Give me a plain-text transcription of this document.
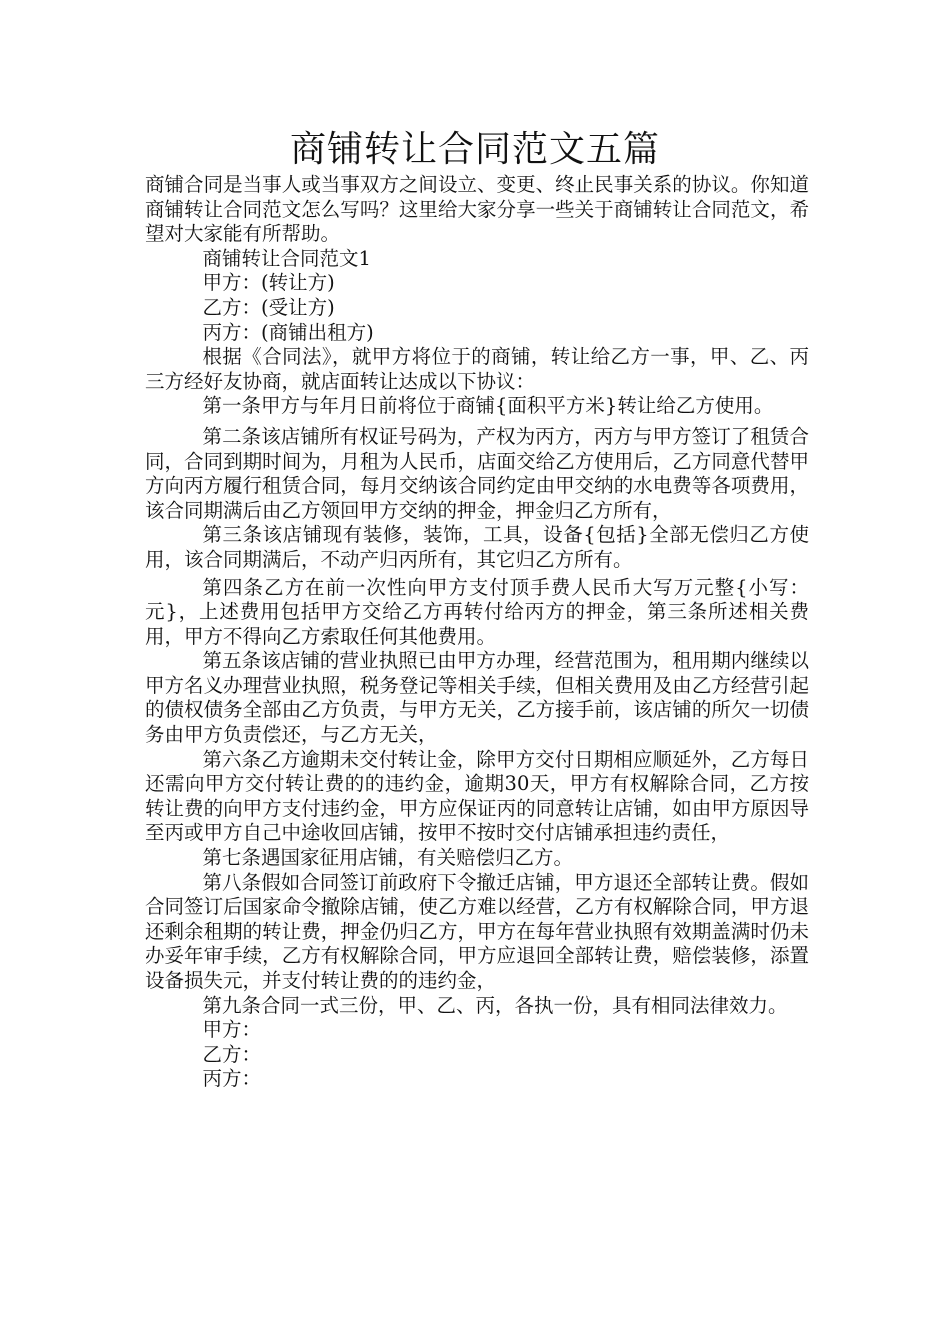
商铺转让合同范文五篇

商铺合同是当事人或当事双方之间设立、变更、终止民事关系的协议。你知道商铺转让合同范文怎么写吗？这里给大家分享一些关于商铺转让合同范文，希望对大家能有所帮助。

商铺转让合同范文1

甲方：(转让方)

乙方：(受让方)

丙方：(商铺出租方)

根据《合同法》，就甲方将位于的商铺，转让给乙方一事，甲、乙、丙三方经好友协商，就店面转让达成以下协议：

第一条甲方与年月日前将位于商铺{面积平方米}转让给乙方使用。

第二条该店铺所有权证号码为，产权为丙方，丙方与甲方签订了租赁合同，合同到期时间为，月租为人民币，店面交给乙方使用后，乙方同意代替甲方向丙方履行租赁合同，每月交纳该合同约定由甲交纳的水电费等各项费用，该合同期满后由乙方领回甲方交纳的押金，押金归乙方所有，

第三条该店铺现有装修，装饰，工具，设备{包括}全部无偿归乙方使用，该合同期满后，不动产归丙所有，其它归乙方所有。

第四条乙方在前一次性向甲方支付顶手费人民币大写万元整{小写：元}，上述费用包括甲方交给乙方再转付给丙方的押金，第三条所述相关费用，甲方不得向乙方索取任何其他费用。

第五条该店铺的营业执照已由甲方办理，经营范围为，租用期内继续以甲方名义办理营业执照，税务登记等相关手续，但相关费用及由乙方经营引起的债权债务全部由乙方负责，与甲方无关，乙方接手前，该店铺的所欠一切债务由甲方负责偿还，与乙方无关，

第六条乙方逾期未交付转让金，除甲方交付日期相应顺延外，乙方每日还需向甲方交付转让费的的违约金，逾期30天，甲方有权解除合同，乙方按转让费的向甲方支付违约金，甲方应保证丙的同意转让店铺，如由甲方原因导至丙或甲方自己中途收回店铺，按甲不按时交付店铺承担违约责任，

第七条遇国家征用店铺，有关赔偿归乙方。

第八条假如合同签订前政府下令撤迁店铺，甲方退还全部转让费。假如合同签订后国家命令撤除店铺，使乙方难以经营，乙方有权解除合同，甲方退还剩余租期的转让费，押金仍归乙方，甲方在每年营业执照有效期盖满时仍未办妥年审手续，乙方有权解除合同，甲方应退回全部转让费，赔偿装修，添置设备损失元，并支付转让费的的违约金，

第九条合同一式三份，甲、乙、丙，各执一份，具有相同法律效力。

甲方：

乙方：

丙方：
